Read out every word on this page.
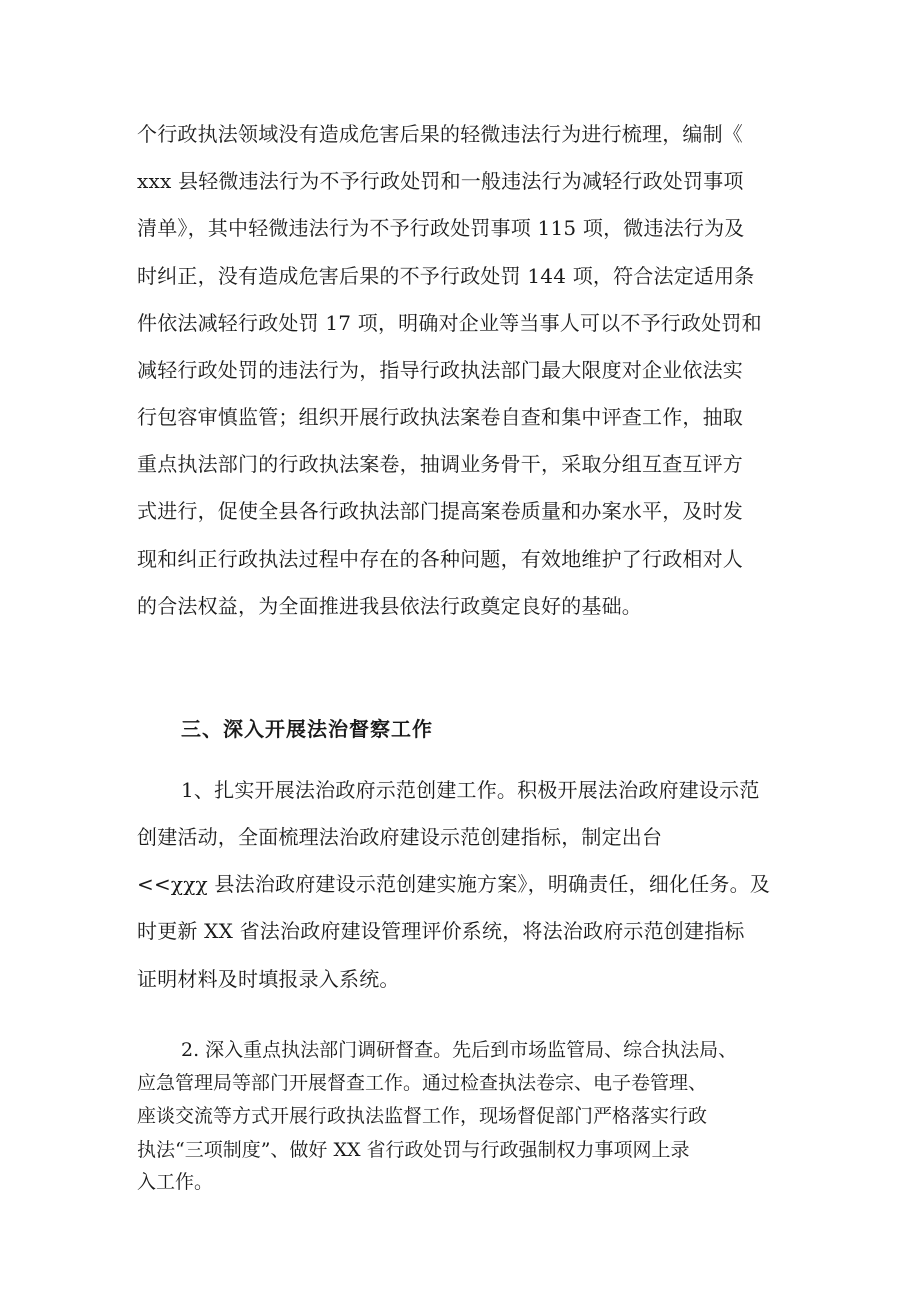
个行政执法领域没有造成危害后果的轻微违法行为进行梳理，编制《
xxx 县轻微违法行为不予行政处罚和一般违法行为减轻行政处罚事项
清单》，其中轻微违法行为不予行政处罚事项 115 项，微违法行为及
时纠正，没有造成危害后果的不予行政处罚 144 项，符合法定适用条
件依法减轻行政处罚 17 项，明确对企业等当事人可以不予行政处罚和
减轻行政处罚的违法行为，指导行政执法部门最大限度对企业依法实
行包容审慎监管；组织开展行政执法案卷自查和集中评查工作，抽取
重点执法部门的行政执法案卷，抽调业务骨干，采取分组互查互评方
式进行，促使全县各行政执法部门提高案卷质量和办案水平，及时发
现和纠正行政执法过程中存在的各种问题，有效地维护了行政相对人
的合法权益，为全面推进我县依法行政奠定良好的基础。
三、深入开展法治督察工作
1、扎实开展法治政府示范创建工作。积极开展法治政府建设示范
创建活动，全面梳理法治政府建设示范创建指标，制定出台
<<χχχ 县法治政府建设示范创建实施方案》，明确责任，细化任务。及
时更新 XX 省法治政府建设管理评价系统，将法治政府示范创建指标
证明材料及时填报录入系统。
2. 深入重点执法部门调研督查。先后到市场监管局、综合执法局、
应急管理局等部门开展督查工作。通过检查执法卷宗、电子卷管理、
座谈交流等方式开展行政执法监督工作，现场督促部门严格落实行政
执法“三项制度”、做好 XX 省行政处罚与行政强制权力事项网上录
入工作。
